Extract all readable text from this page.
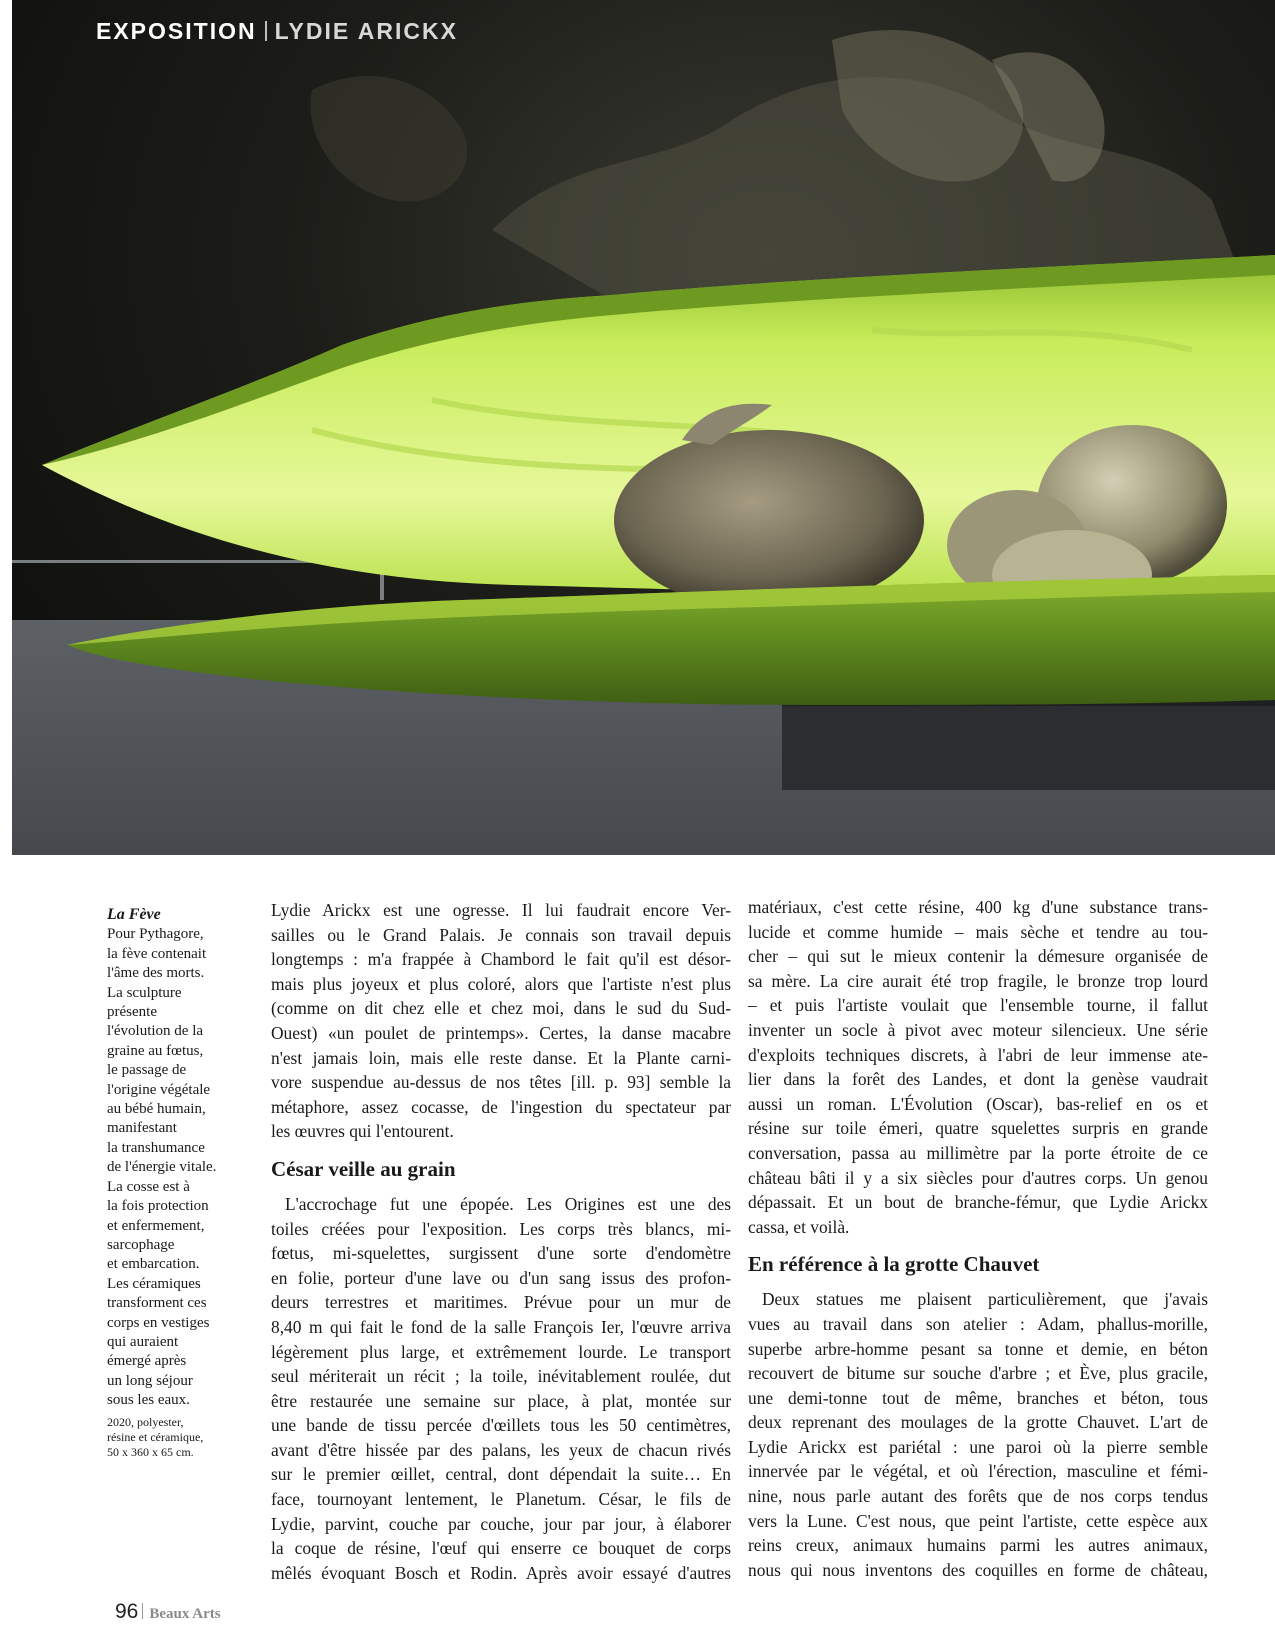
EXPOSITION LYDIE ARICKX
La Fève
Pour Pythagore,
la fève contenait
l'âme des morts.
La sculpture
présente
l'évolution de la
graine au fœtus,
le passage de
l'origine végétale
au bébé humain,
manifestant
la transhumance
de l'énergie vitale.
La cosse est à
la fois protection
et enfermement,
sarcophage
et embarcation.
Les céramiques
transforment ces
corps en vestiges
qui auraient
émergé après
un long séjour
sous les eaux.
2020, polyester,
résine et céramique,
50 x 360 x 65 cm.
Lydie Arickx est une ogresse. Il lui faudrait encore Ver-
sailles ou le Grand Palais. Je connais son travail depuis
longtemps : m'a frappée à Chambord le fait qu'il est désor-
mais plus joyeux et plus coloré, alors que l'artiste n'est plus
(comme on dit chez elle et chez moi, dans le sud du Sud-
Ouest) «un poulet de printemps». Certes, la danse macabre
n'est jamais loin, mais elle reste danse. Et la Plante carni-
vore suspendue au-dessus de nos têtes [ill. p. 93] semble la
métaphore, assez cocasse, de l'ingestion du spectateur par
les œuvres qui l'entourent.
César veille au grain
L'accrochage fut une épopée. Les Origines est une des
toiles créées pour l'exposition. Les corps très blancs, mi-
fœtus, mi-squelettes, surgissent d'une sorte d'endomètre
en folie, porteur d'une lave ou d'un sang issus des profon-
deurs terrestres et maritimes. Prévue pour un mur de
8,40 m qui fait le fond de la salle François Ier, l'œuvre arriva
légèrement plus large, et extrêmement lourde. Le transport
seul mériterait un récit ; la toile, inévitablement roulée, dut
être restaurée une semaine sur place, à plat, montée sur
une bande de tissu percée d'œillets tous les 50 centimètres,
avant d'être hissée par des palans, les yeux de chacun rivés
sur le premier œillet, central, dont dépendait la suite… En
face, tournoyant lentement, le Planetum. César, le fils de
Lydie, parvint, couche par couche, jour par jour, à élaborer
la coque de résine, l'œuf qui enserre ce bouquet de corps
mêlés évoquant Bosch et Rodin. Après avoir essayé d'autres
matériaux, c'est cette résine, 400 kg d'une substance trans-
lucide et comme humide – mais sèche et tendre au tou-
cher – qui sut le mieux contenir la démesure organisée de
sa mère. La cire aurait été trop fragile, le bronze trop lourd
– et puis l'artiste voulait que l'ensemble tourne, il fallut
inventer un socle à pivot avec moteur silencieux. Une série
d'exploits techniques discrets, à l'abri de leur immense ate-
lier dans la forêt des Landes, et dont la genèse vaudrait
aussi un roman. L'Évolution (Oscar), bas-relief en os et
résine sur toile émeri, quatre squelettes surpris en grande
conversation, passa au millimètre par la porte étroite de ce
château bâti il y a six siècles pour d'autres corps. Un genou
dépassait. Et un bout de branche-fémur, que Lydie Arickx
cassa, et voilà.
En référence à la grotte Chauvet
Deux statues me plaisent particulièrement, que j'avais
vues au travail dans son atelier : Adam, phallus-morille,
superbe arbre-homme pesant sa tonne et demie, en béton
recouvert de bitume sur souche d'arbre ; et Ève, plus gracile,
une demi-tonne tout de même, branches et béton, tous
deux reprenant des moulages de la grotte Chauvet. L'art de
Lydie Arickx est pariétal : une paroi où la pierre semble
innervée par le végétal, et où l'érection, masculine et fémi-
nine, nous parle autant des forêts que de nos corps tendus
vers la Lune. C'est nous, que peint l'artiste, cette espèce aux
reins creux, animaux humains parmi les autres animaux,
nous qui nous inventons des coquilles en forme de château,
96 Beaux Arts
